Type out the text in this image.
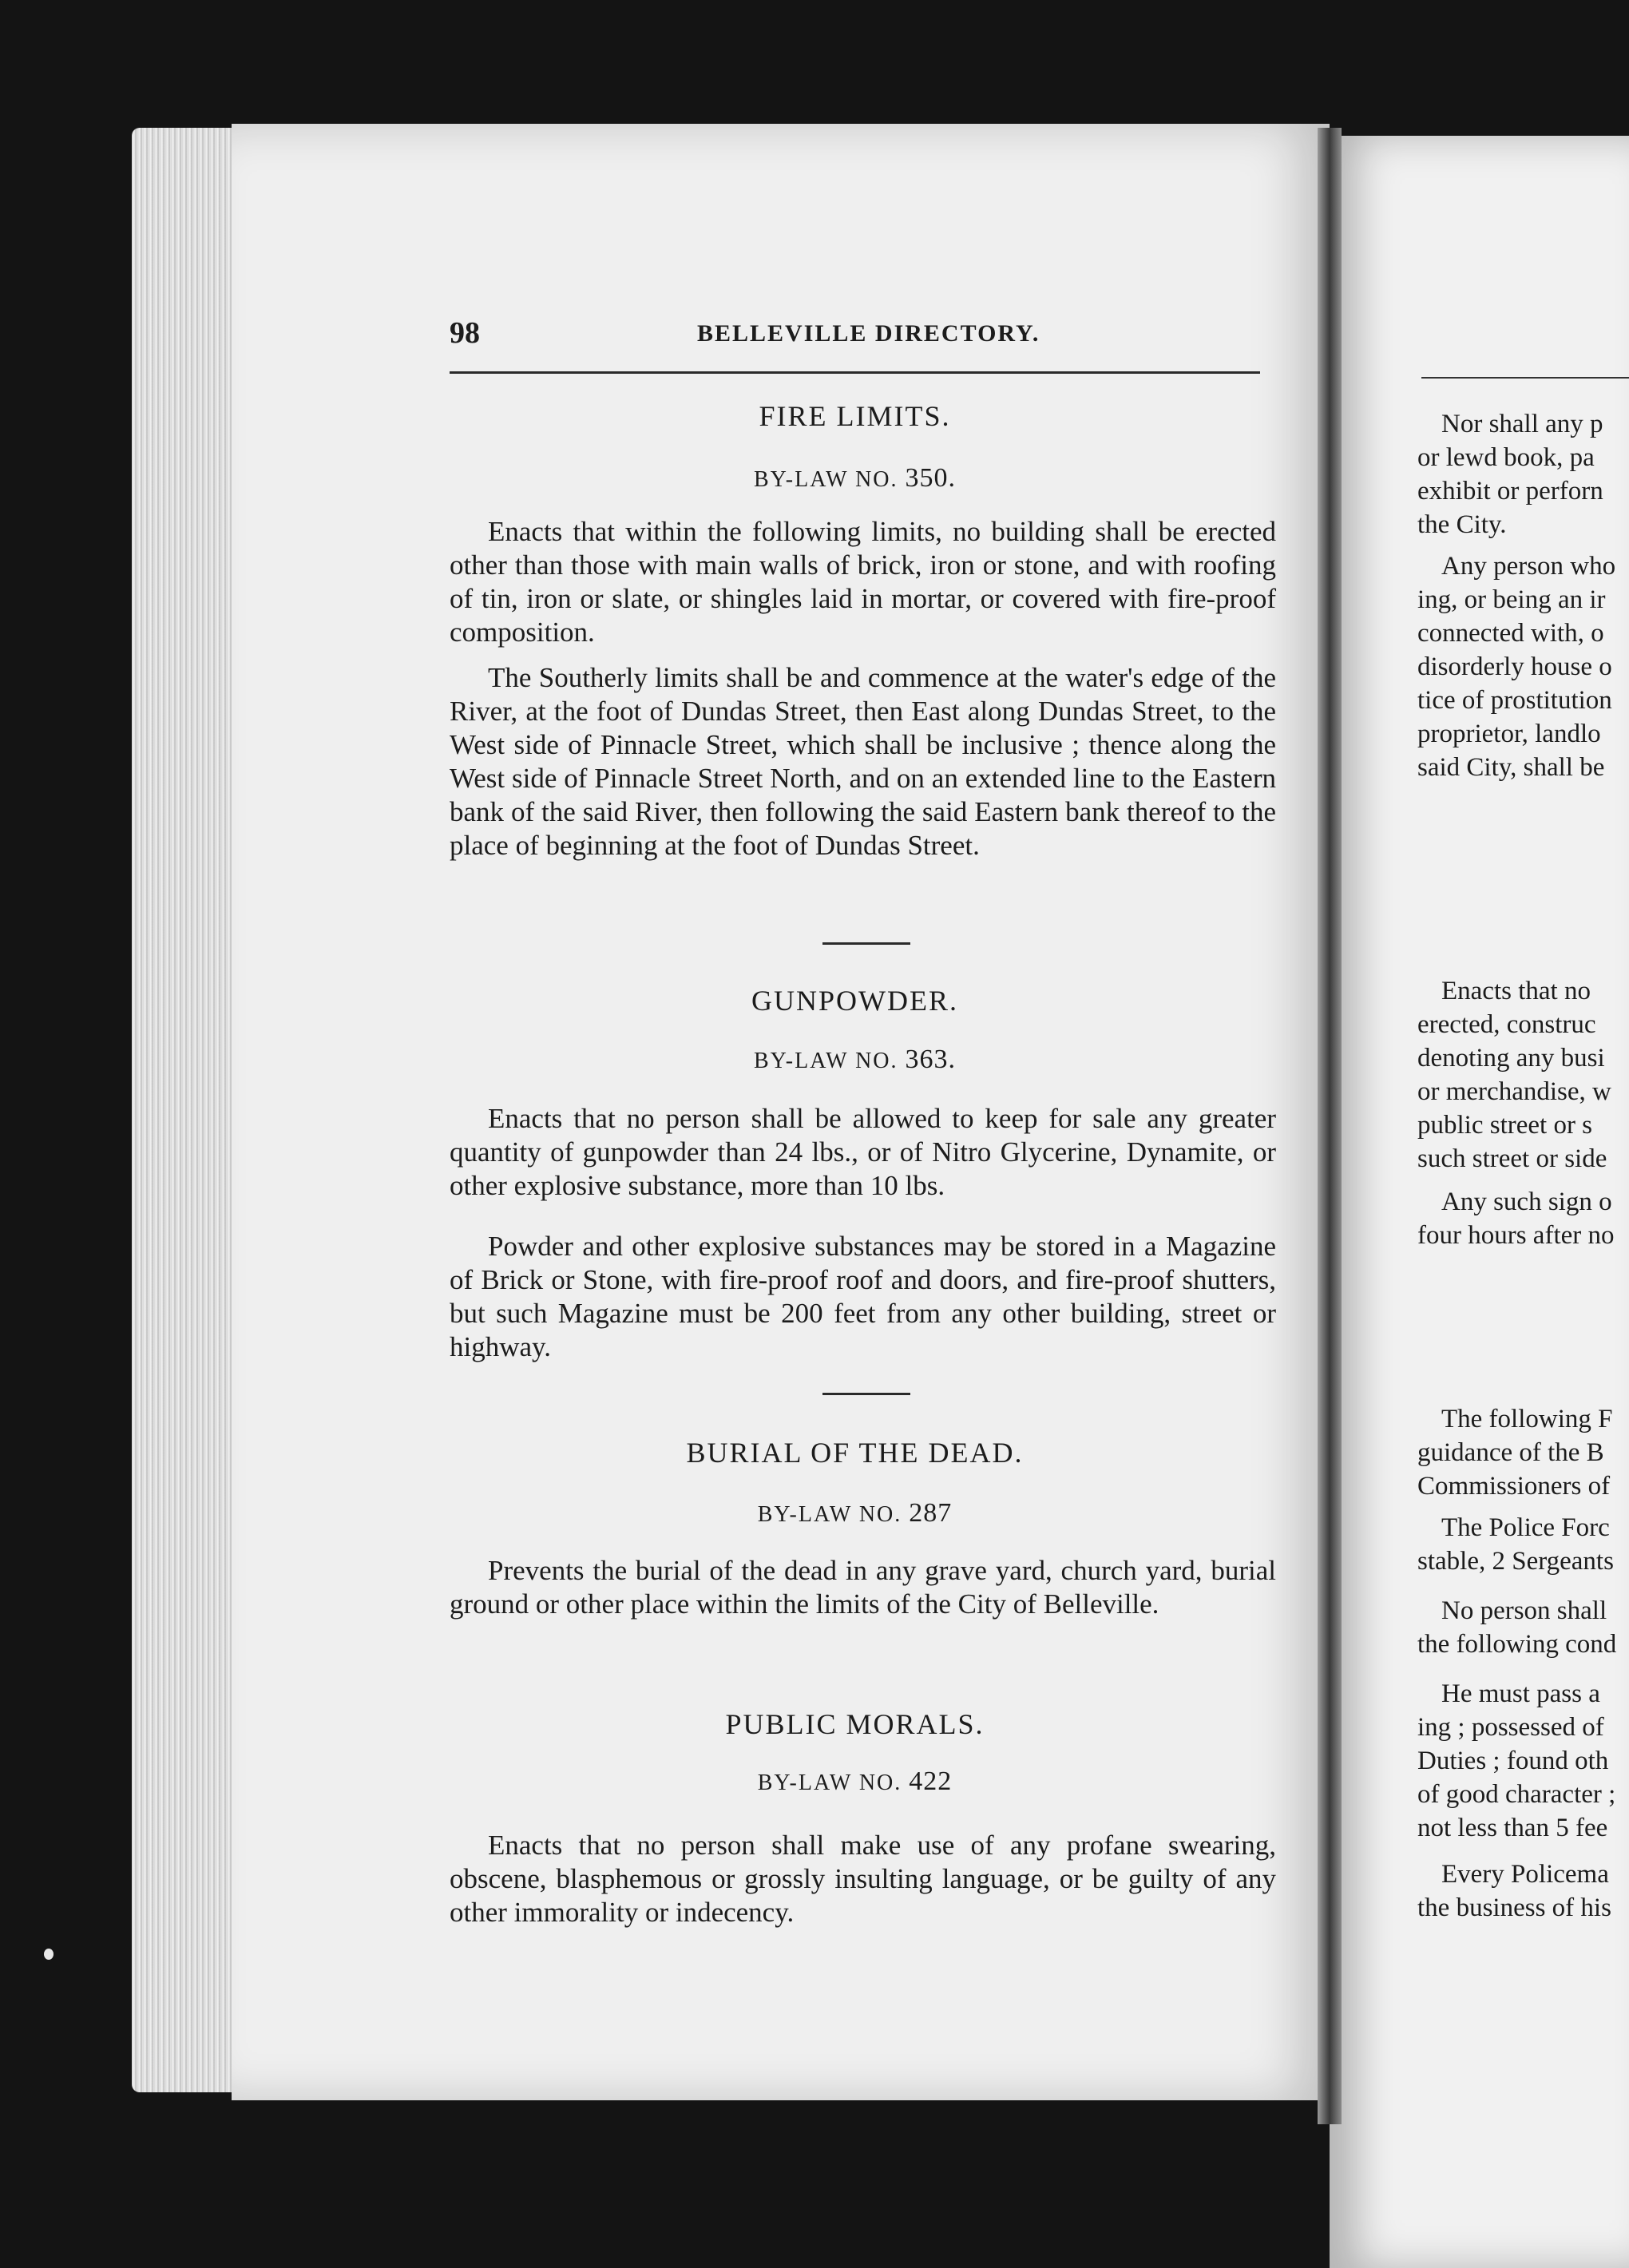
98	BELLEVILLE DIRECTORY.
FIRE LIMITS.
BY-LAW NO. 350.

Enacts that within the following limits, no building shall be erected other than those with main walls of brick, iron or stone, and with roofing of tin, iron or slate, or shingles laid in mortar, or covered with fire-proof composition.

The Southerly limits shall be and commence at the water's edge of the River, at the foot of Dundas Street, then East along Dundas Street, to the West side of Pinnacle Street, which shall be inclusive ; thence along the West side of Pinnacle Street North, and on an extended line to the Eastern bank of the said River, then following the said Eastern bank thereof to the place of beginning at the foot of Dundas Street.

GUNPOWDER.
BY-LAW NO. 363.

Enacts that no person shall be allowed to keep for sale any greater quantity of gunpowder than 24 lbs., or of Nitro Glycerine, Dynamite, or other explosive substance, more than 10 lbs.

Powder and other explosive substances may be stored in a Magazine of Brick or Stone, with fire-proof roof and doors, and fire-proof shutters, but such Magazine must be 200 feet from any other building, street or highway.

BURIAL OF THE DEAD.
BY-LAW NO. 287

Prevents the burial of the dead in any grave yard, church yard, burial ground or other place within the limits of the City of Belleville.

PUBLIC MORALS.
BY-LAW NO. 422

Enacts that no person shall make use of any profane swearing, obscene, blasphemous or grossly insulting language, or be guilty of any other immorality or indecency.

Nor shall any p
or lewd book, pa
exhibit or perforn
the City.
Any person who
ing, or being an ir
connected with, o
disorderly house o
tice of prostitution
proprietor, landlo
said City, shall be
Enacts that no
erected, construc
denoting any busi
or merchandise, w
public street or s
such street or side
Any such sign o
four hours after no
The following F
guidance of the B
Commissioners of
The Police Forc
stable, 2 Sergeants
No person shall
the following cond
He must pass a
ing ; possessed of
Duties ; found oth
of good character ;
not less than 5 fee
Every Policema
the business of his
